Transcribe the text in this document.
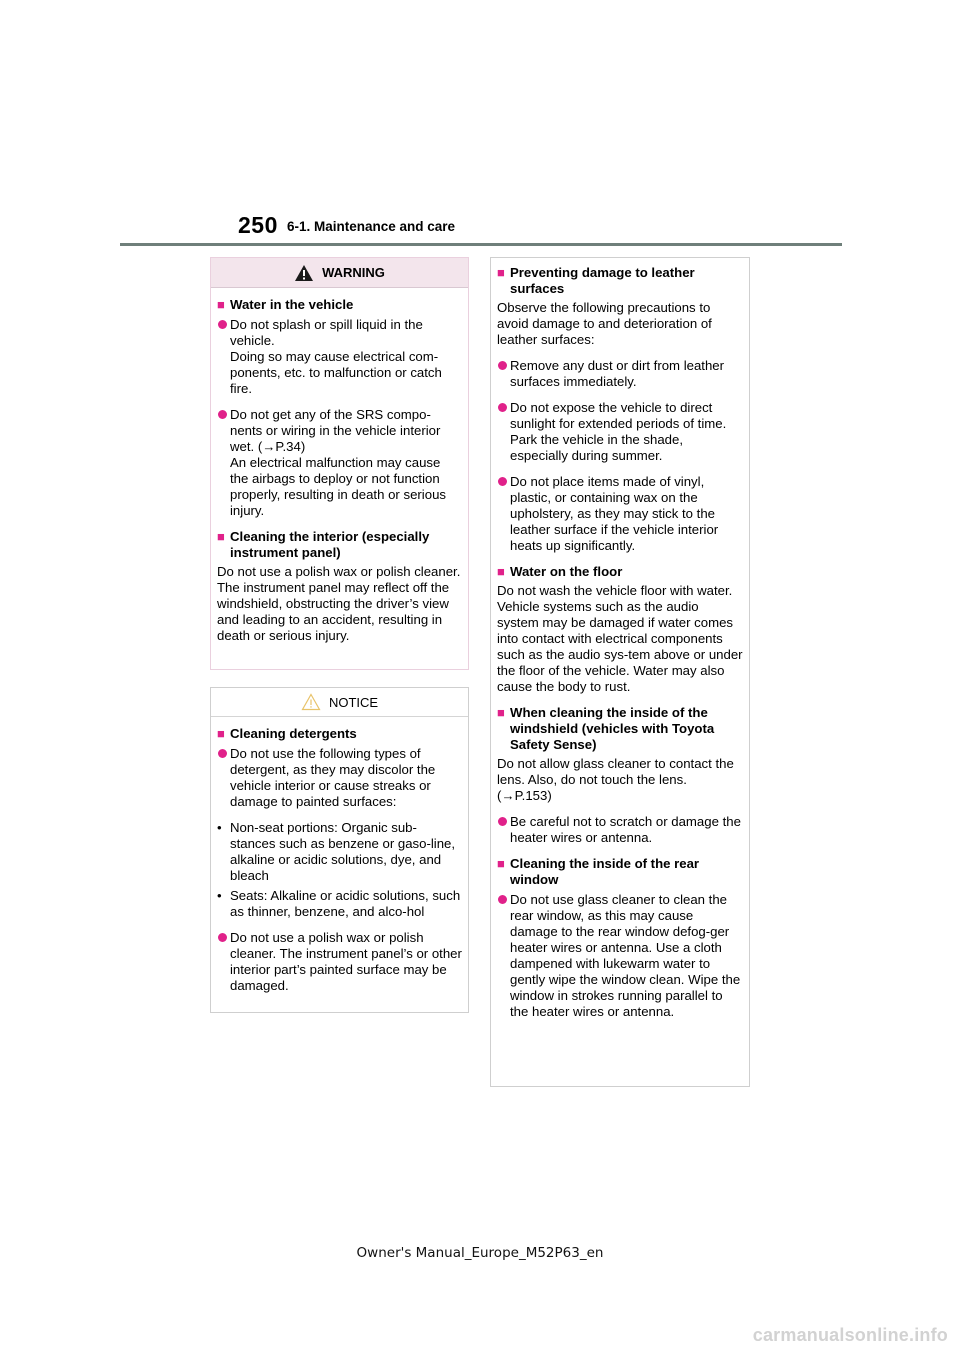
250 6-1. Maintenance and care
WARNING
■ Water in the vehicle
Do not splash or spill liquid in the vehicle.
Doing so may cause electrical com-ponents, etc. to malfunction or catch fire.
Do not get any of the SRS compo-nents or wiring in the vehicle interior wet. (→P.34)
An electrical malfunction may cause the airbags to deploy or not function properly, resulting in death or serious injury.
■ Cleaning the interior (especially instrument panel)

Do not use a polish wax or polish cleaner. The instrument panel may reflect off the windshield, obstructing the driver’s view and leading to an accident, resulting in death or serious injury.

NOTICE
■ Cleaning detergents
Do not use the following types of detergent, as they may discolor the vehicle interior or cause streaks or damage to painted surfaces:
• Non-seat portions: Organic sub-stances such as benzene or gaso-line, alkaline or acidic solutions, dye, and bleach
• Seats: Alkaline or acidic solutions, such as thinner, benzene, and alco-hol
Do not use a polish wax or polish cleaner. The instrument panel’s or other interior part’s painted surface may be damaged.
■ Preventing damage to leather surfaces

Observe the following precautions to avoid damage to and deterioration of leather surfaces:

Remove any dust or dirt from leather surfaces immediately.
Do not expose the vehicle to direct sunlight for extended periods of time. Park the vehicle in the shade, especially during summer.
Do not place items made of vinyl, plastic, or containing wax on the upholstery, as they may stick to the leather surface if the vehicle interior heats up significantly.
■ Water on the floor

Do not wash the vehicle floor with water.
Vehicle systems such as the audio system may be damaged if water comes into contact with electrical components such as the audio sys-tem above or under the floor of the vehicle. Water may also cause the body to rust.

■ When cleaning the inside of the windshield (vehicles with Toyota Safety Sense)

Do not allow glass cleaner to contact the lens. Also, do not touch the lens. (→P.153)

Be careful not to scratch or damage the heater wires or antenna.
■ Cleaning the inside of the rear window
Do not use glass cleaner to clean the rear window, as this may cause damage to the rear window defog-ger heater wires or antenna. Use a cloth dampened with lukewarm water to gently wipe the window clean. Wipe the window in strokes running parallel to the heater wires or antenna.
Owner's Manual_Europe_M52P63_en
carmanualsonline.info
